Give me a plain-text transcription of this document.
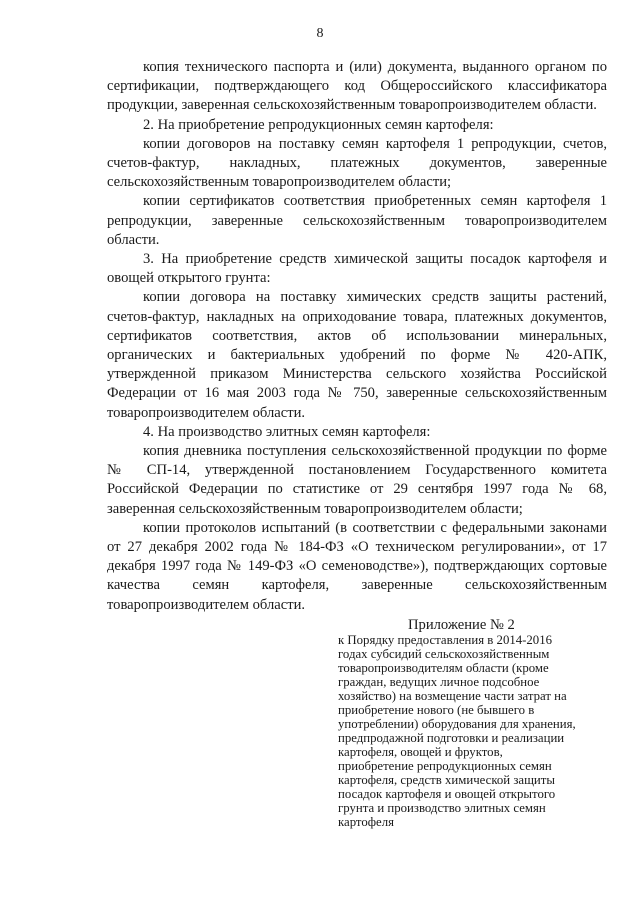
8

копия технического паспорта и (или) документа, выданного органом по сертификации, подтверждающего код Общероссийского классификатора продукции, заверенная сельскохозяйственным товаропроизводителем области.

2. На приобретение репродукционных семян картофеля:

копии договоров на поставку семян картофеля 1 репродукции, счетов, счетов-фактур, накладных, платежных документов, заверенные сельскохозяйственным товаропроизводителем области;

копии сертификатов соответствия приобретенных семян картофеля 1 репродукции, заверенные сельскохозяйственным товаропроизводителем области.

3. На приобретение средств химической защиты посадок картофеля и овощей открытого грунта:

копии договора на поставку химических средств защиты растений, счетов-фактур, накладных на оприходование товара, платежных документов, сертификатов соответствия, актов об использовании минеральных, органических и бактериальных удобрений по форме № 420-АПК, утвержденной приказом Министерства сельского хозяйства Российской Федерации от 16 мая 2003 года № 750, заверенные сельскохозяйственным товаропроизводителем области.

4. На производство элитных семян картофеля:

копия дневника поступления сельскохозяйственной продукции по форме № СП-14, утвержденной постановлением Государственного комитета Российской Федерации по статистике от 29 сентября 1997 года № 68, заверенная сельскохозяйственным товаропроизводителем области;

копии протоколов испытаний (в соответствии с федеральными законами от 27 декабря 2002 года № 184-ФЗ «О техническом регулировании», от 17 декабря 1997 года № 149-ФЗ «О семеноводстве»), подтверждающих сортовые качества семян картофеля, заверенные сельскохозяйственным товаропроизводителем области.

Приложение № 2
к Порядку предоставления в 2014-2016 годах субсидий сельскохозяйственным товаропроизводителям области (кроме граждан, ведущих личное подсобное хозяйство) на возмещение части затрат на приобретение нового (не бывшего в употреблении) оборудования для хранения, предпродажной подготовки и реализации картофеля, овощей и фруктов, приобретение репродукционных семян картофеля, средств химической защиты посадок картофеля и овощей открытого грунта и производство элитных семян картофеля
